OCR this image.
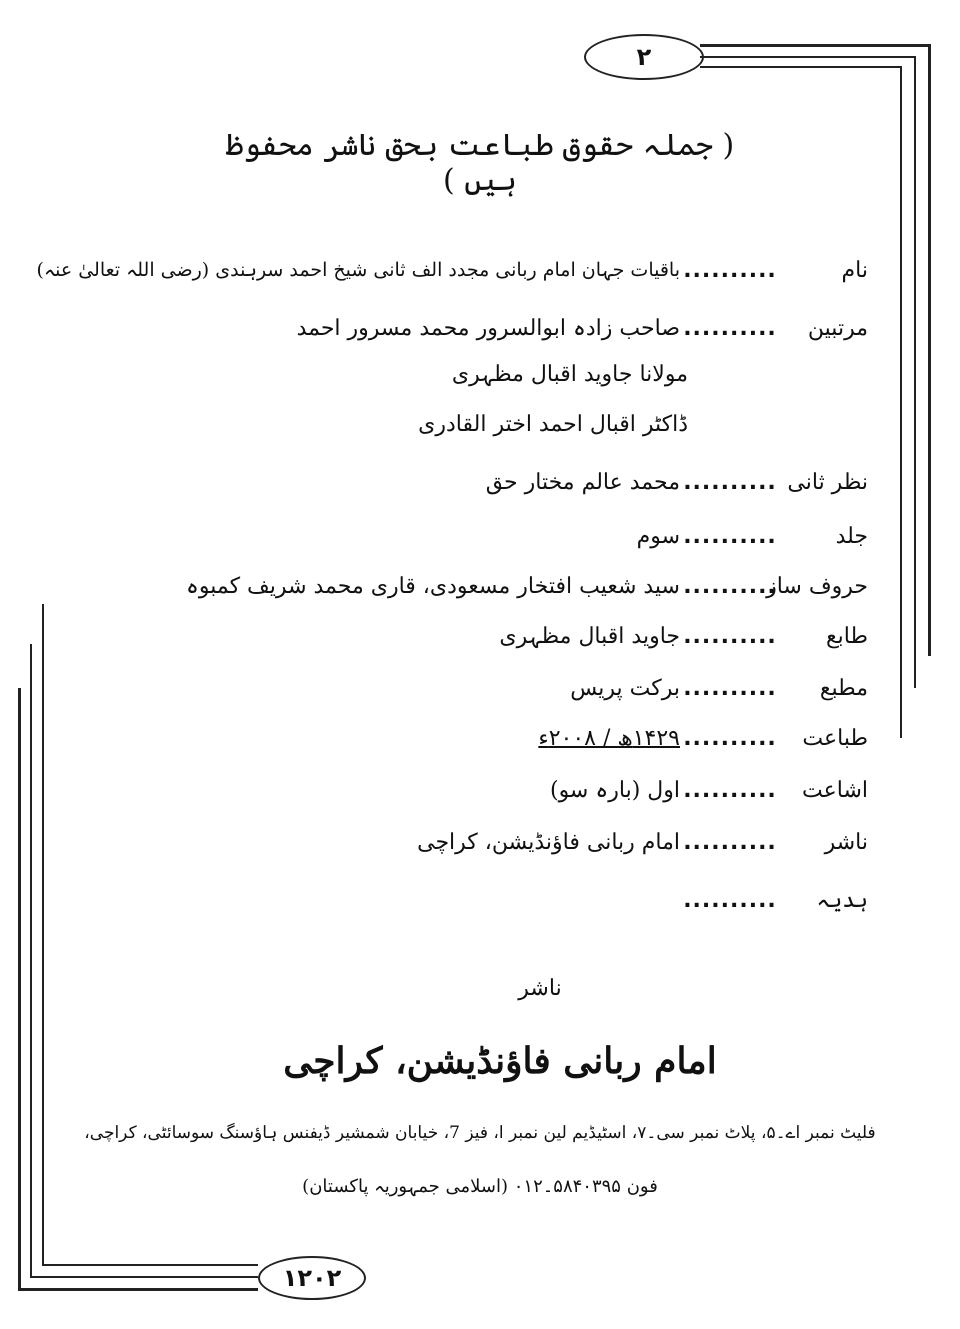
۲
۱۲۰۲
( جملہ حقوق طباعت بحق ناشر محفوظ ہیں )
نام
..........
باقیات جہان امام ربانی مجدد الف ثانی شیخ احمد سرہندی (رضی اللہ تعالیٰ عنہ)
مرتبین
..........
صاحب زادہ ابوالسرور محمد مسرور احمد
مولانا جاوید اقبال مظہری
ڈاکٹر اقبال احمد اختر القادری
نظر ثانی
..........
محمد عالم مختار حق
جلد
..........
سوم
حروف ساز
..........
سید شعیب افتخار مسعودی، قاری محمد شریف کمبوہ
طابع
..........
جاوید اقبال مظہری
مطبع
..........
برکت پریس
طباعت
..........
۱۴۲۹ھ / ۲۰۰۸ء
اشاعت
..........
اول (بارہ سو)
ناشر
..........
امام ربانی فاؤنڈیشن، کراچی
ہدیہ
..........
ناشر
امام ربانی فاؤنڈیشن، کراچی
فلیٹ نمبر اے۔۵، پلاٹ نمبر سی۔۷، اسٹیڈیم لین نمبر ا، فیز 7، خیابان شمشیر ڈیفنس ہاؤسنگ سوسائٹی، کراچی،
فون ۵۸۴۰۳۹۵۔۰۱۲ (اسلامی جمہوریہ پاکستان)
